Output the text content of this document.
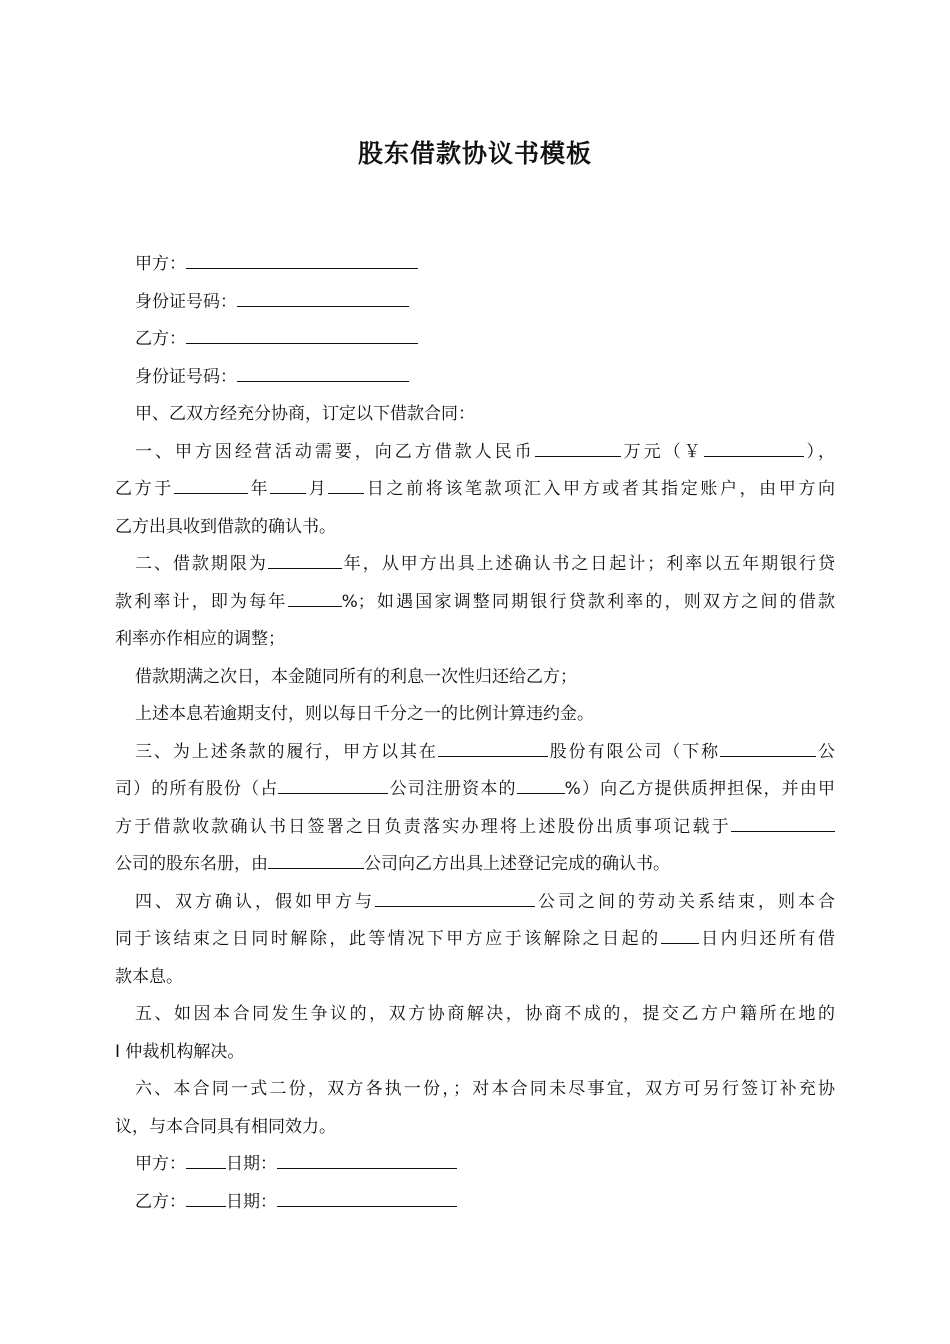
股东借款协议书模板
甲方：
身份证号码：
乙方：
身份证号码：
甲、乙双方经充分协商，订定以下借款合同：
一、甲方因经营活动需要，向乙方借款人民币	万元（￥	），
乙方于	年 月 日之前将该笔款项汇入甲方或者其指定账户，由甲方向
乙方出具收到借款的确认书。
二、借款期限为	年，从甲方出具上述确认书之日起计；利率以五年期银行贷
款利率计，即为每年	%；如遇国家调整同期银行贷款利率的，则双方之间的借款
利率亦作相应的调整；
借款期满之次日，本金随同所有的利息一次性归还给乙方；
上述本息若逾期支付，则以每日千分之一的比例计算违约金。
三、为上述条款的履行，甲方以其在	股份有限公司（下称	公
司）的所有股份（占	公司注册资本的	%）向乙方提供质押担保，并由甲
方于借款收款确认书日签署之日负责落实办理将上述股份出质事项记载于
公司的股东名册，由	公司向乙方出具上述登记完成的确认书。
四、双方确认，假如甲方与	公司之间的劳动关系结束，则本合
同于该结束之日同时解除，此等情况下甲方应于该解除之日起的 日内归还所有借
款本息。
五、如因本合同发生争议的，双方协商解决，协商不成的，提交乙方户籍所在地的
I 仲裁机构解决。
六、本合同一式二份，双方各执一份，；对本合同未尽事宜，双方可另行签订补充协
议，与本合同具有相同效力。
甲方： 日期：
乙方： 日期：
